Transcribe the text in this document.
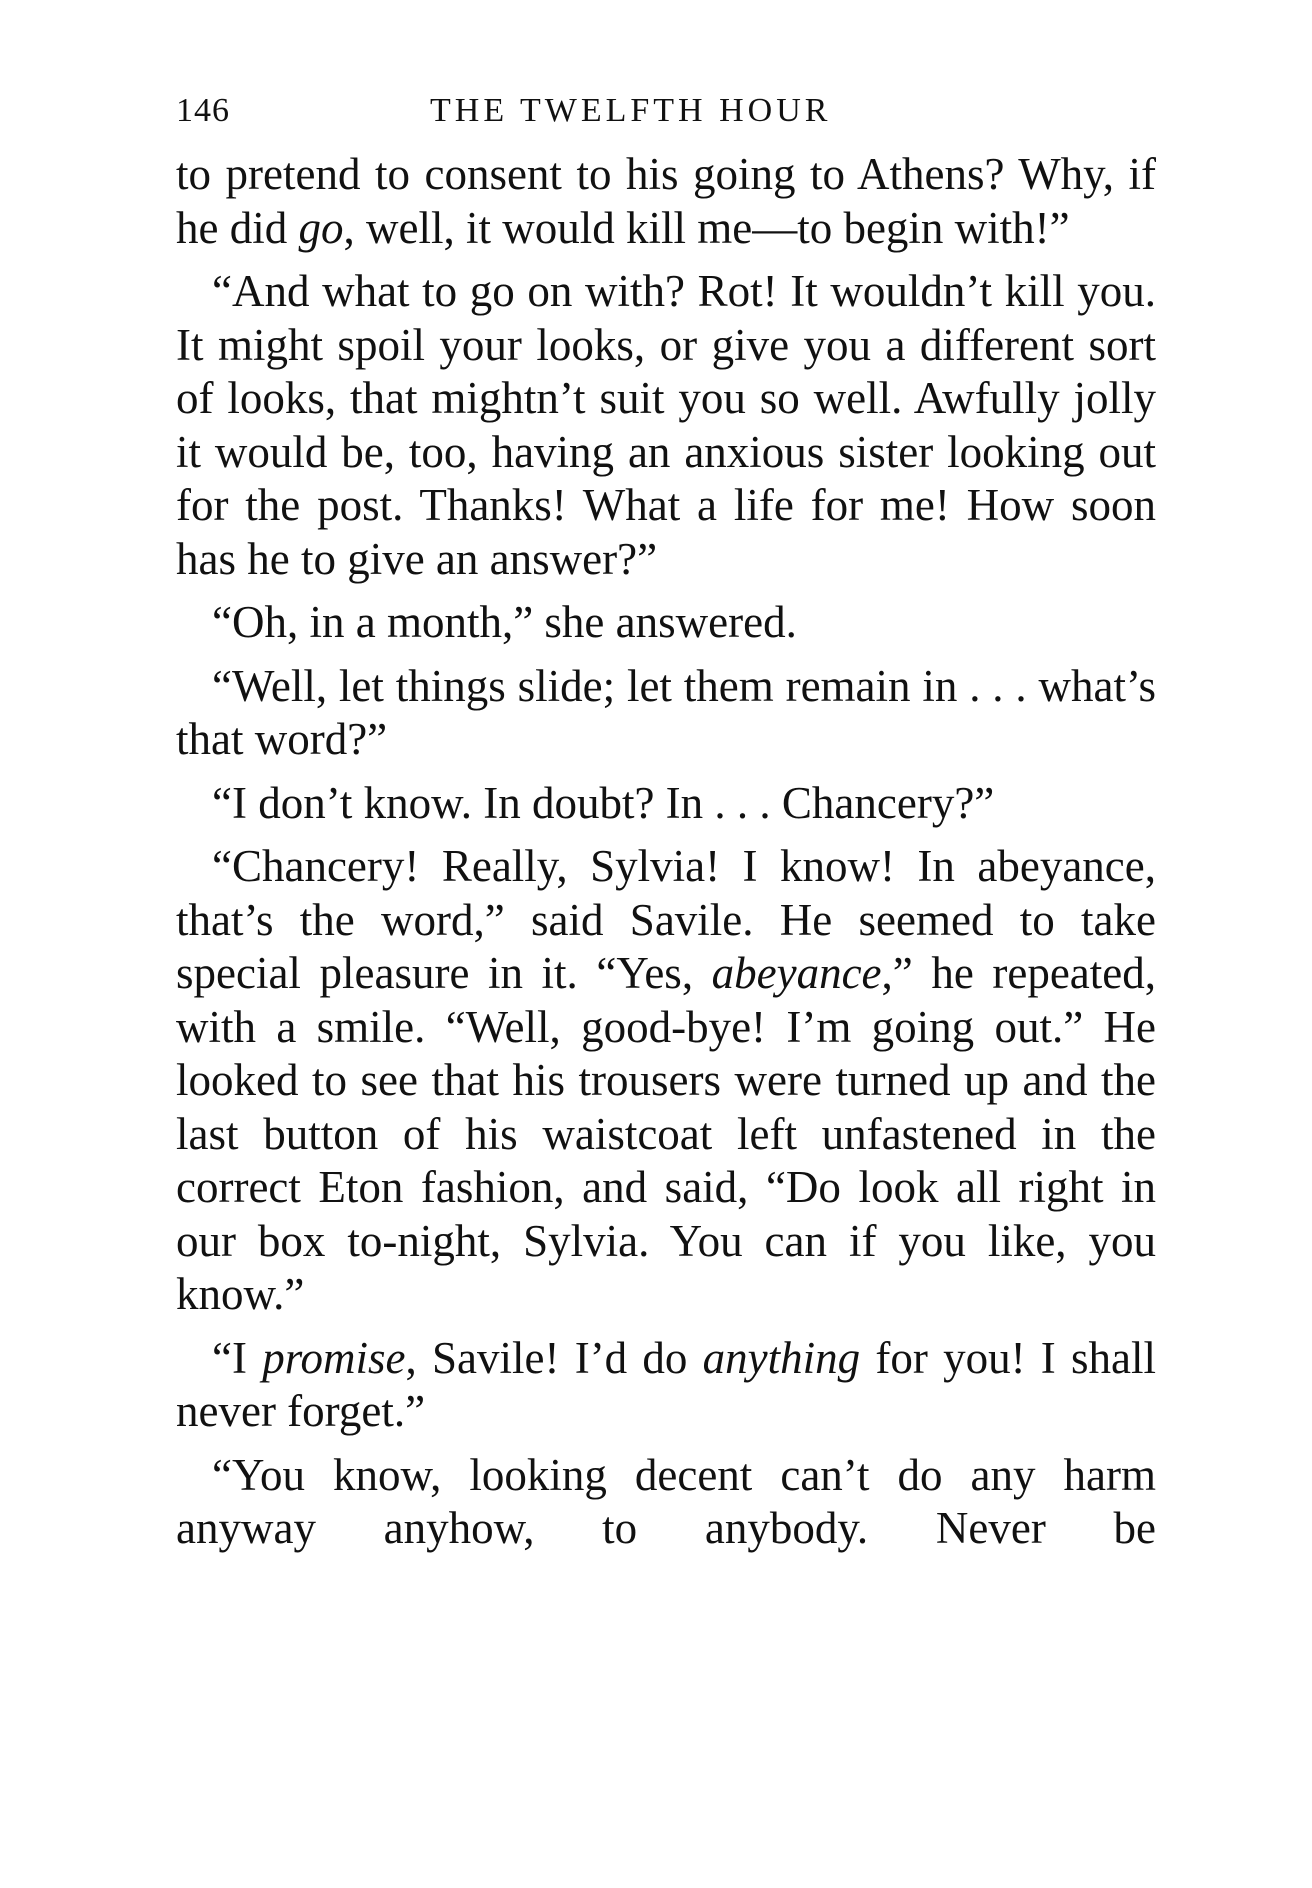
146	THE TWELFTH HOUR

to pretend to consent to his going to Athens? Why, if he did go, well, it would kill me—to begin with!”

“And what to go on with? Rot! It wouldn’t kill you. It might spoil your looks, or give you a different sort of looks, that mightn’t suit you so well. Awfully jolly it would be, too, having an anxious sister looking out for the post. Thanks! What a life for me! How soon has he to give an answer?”

“Oh, in a month,” she answered.

“Well, let things slide; let them remain in . . . what’s that word?”

“I don’t know. In doubt? In . . . Chancery?”

“Chancery! Really, Sylvia! I know! In abeyance, that’s the word,” said Savile. He seemed to take special pleasure in it. “Yes, abeyance,” he repeated, with a smile. “Well, good-bye! I’m going out.” He looked to see that his trousers were turned up and the last button of his waistcoat left unfastened in the correct Eton fashion, and said, “Do look all right in our box to-night, Sylvia. You can if you like, you know.”

“I promise, Savile! I’d do anything for you! I shall never forget.”

“You know, looking decent can’t do any harm anyway anyhow, to anybody. Never be
